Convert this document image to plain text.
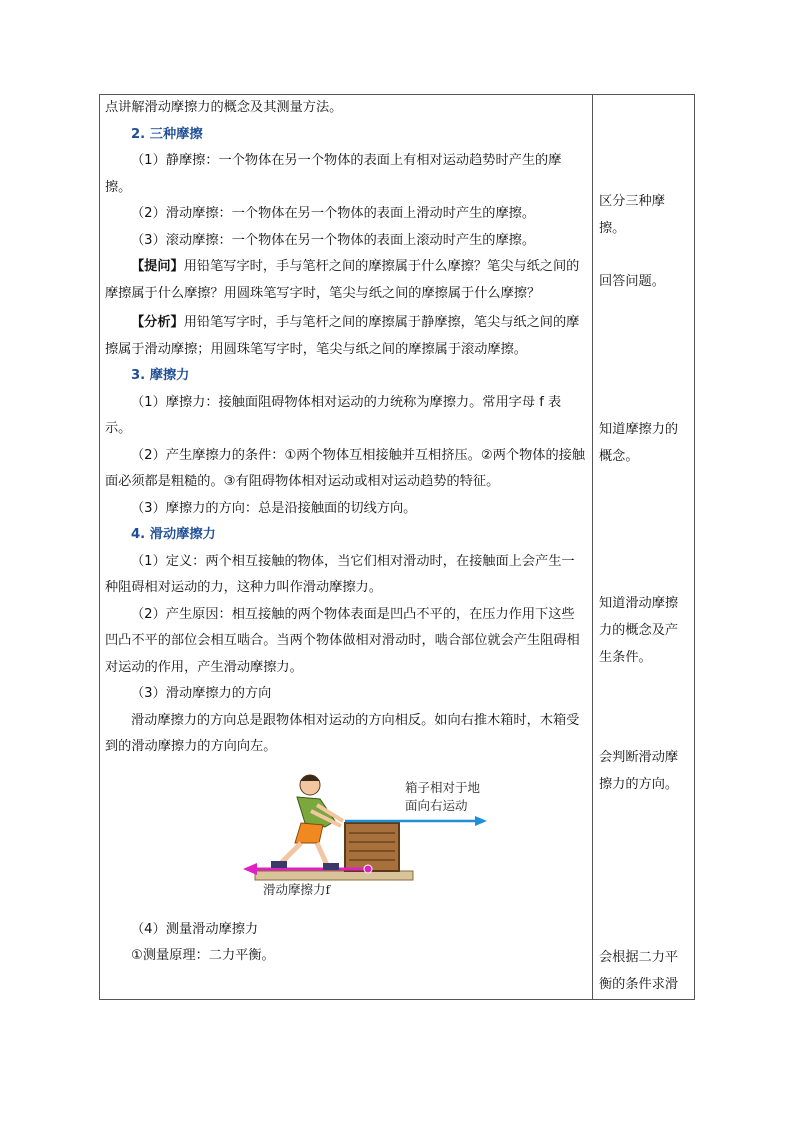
点讲解滑动摩擦力的概念及其测量方法。

2. 三种摩擦

（1）静摩擦：一个物体在另一个物体的表面上有相对运动趋势时产生的摩擦。

（2）滑动摩擦：一个物体在另一个物体的表面上滑动时产生的摩擦。

（3）滚动摩擦：一个物体在另一个物体的表面上滚动时产生的摩擦。

【提问】用铅笔写字时，手与笔杆之间的摩擦属于什么摩擦？笔尖与纸之间的摩擦属于什么摩擦？用圆珠笔写字时，笔尖与纸之间的摩擦属于什么摩擦？

【分析】用铅笔写字时，手与笔杆之间的摩擦属于静摩擦，笔尖与纸之间的摩擦属于滑动摩擦；用圆珠笔写字时，笔尖与纸之间的摩擦属于滚动摩擦。

3. 摩擦力

（1）摩擦力：接触面阻碍物体相对运动的力统称为摩擦力。常用字母 f 表示。

（2）产生摩擦力的条件：①两个物体互相接触并互相挤压。②两个物体的接触面必须都是粗糙的。③有阻碍物体相对运动或相对运动趋势的特征。

（3）摩擦力的方向：总是沿接触面的切线方向。

4. 滑动摩擦力

（1）定义：两个相互接触的物体，当它们相对滑动时，在接触面上会产生一种阻碍相对运动的力，这种力叫作滑动摩擦力。

（2）产生原因：相互接触的两个物体表面是凹凸不平的，在压力作用下这些凹凸不平的部位会相互啮合。当两个物体做相对滑动时，啮合部位就会产生阻碍相对运动的作用，产生滑动摩擦力。

（3）滑动摩擦力的方向

滑动摩擦力的方向总是跟物体相对运动的方向相反。如向右推木箱时，木箱受到的滑动摩擦力的方向向左。

箱子相对于地
面向右运动
滑动摩擦力f

（4）测量滑动摩擦力

①测量原理：二力平衡。

区分三种摩擦。
回答问题。
知道摩擦力的概念。
知道滑动摩擦力的概念及产生条件。
会判断滑动摩擦力的方向。
会根据二力平衡的条件求滑
